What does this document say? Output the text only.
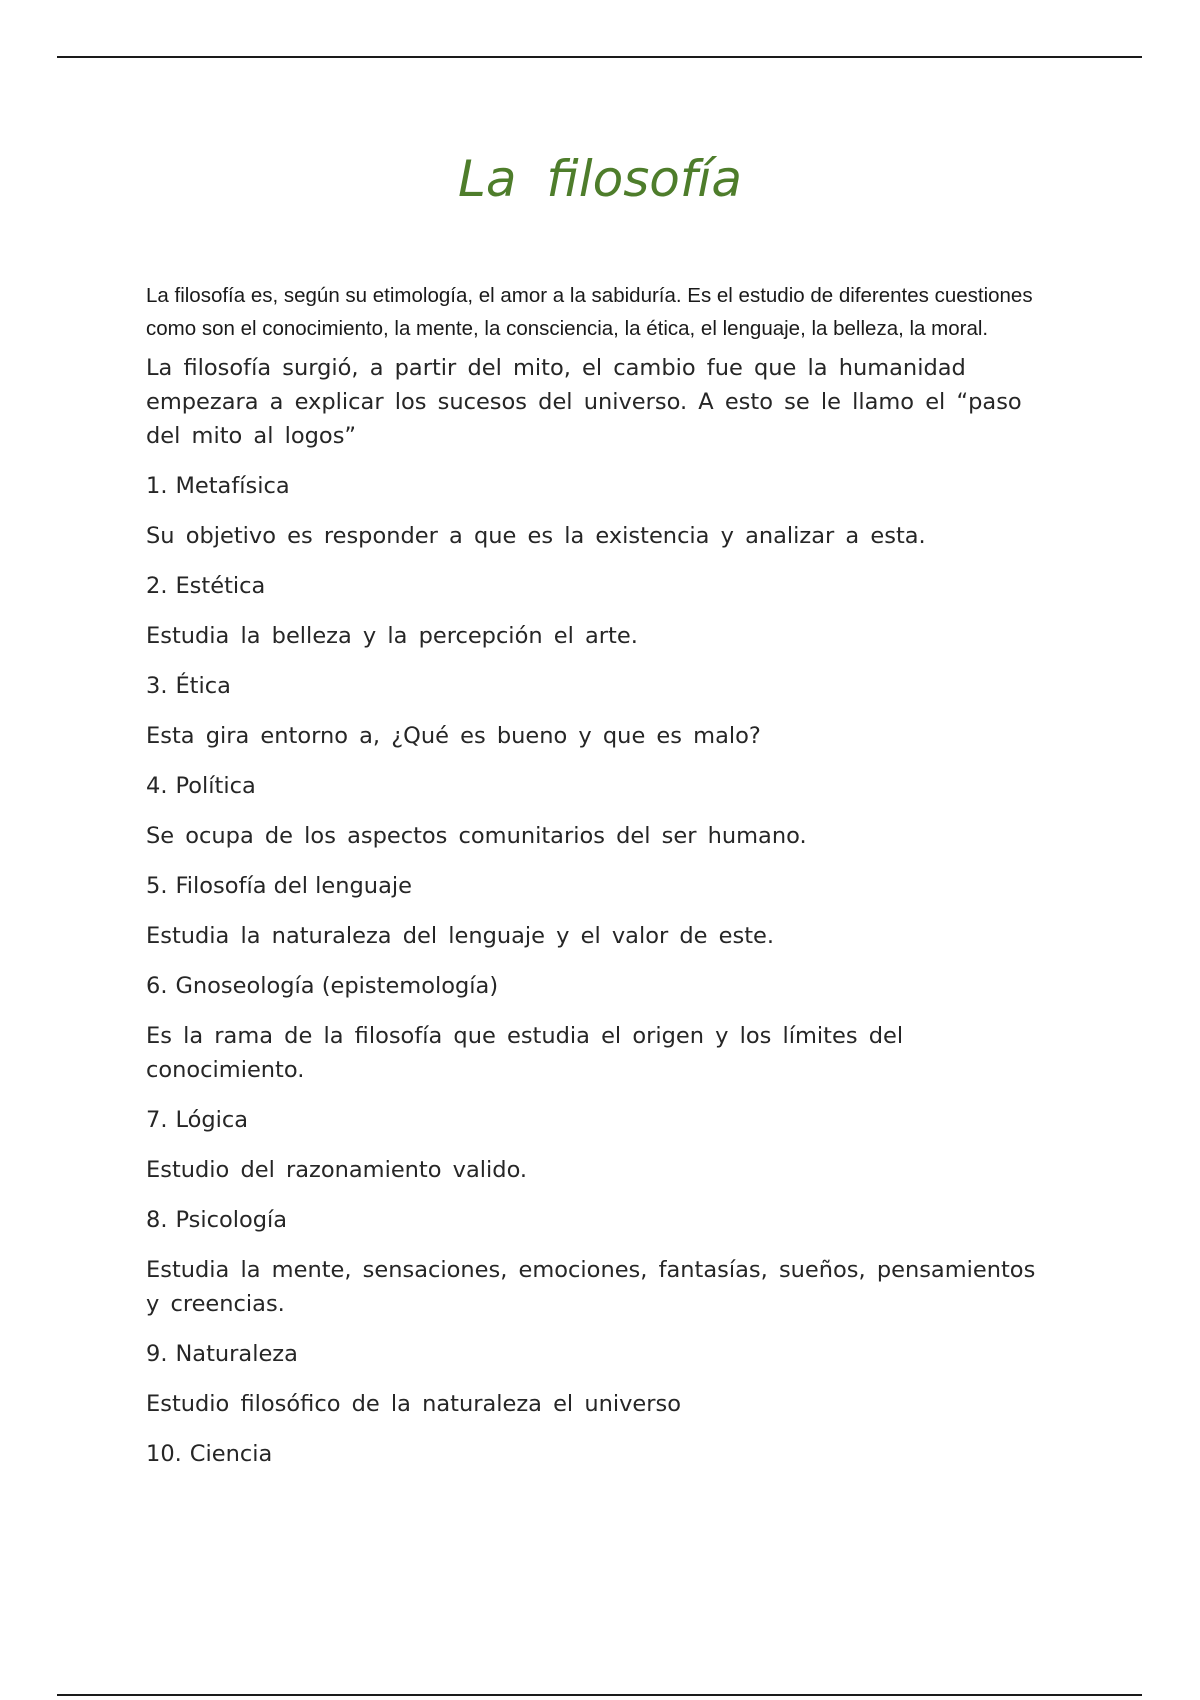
La filosofía

La filosofía es, según su etimología, el amor a la sabiduría. Es el estudio de diferentes cuestiones como son el conocimiento, la mente, la consciencia, la ética, el lenguaje, la belleza, la moral.

La filosofía surgió, a partir del mito, el cambio fue que la humanidad empezara a explicar los sucesos del universo. A esto se le llamo el “paso del mito al logos”

1. Metafísica

Su objetivo es responder a que es la existencia y analizar a esta.

2. Estética

Estudia la belleza y la percepción el arte.

3. Ética

Esta gira entorno a, ¿Qué es bueno y que es malo?

4. Política

Se ocupa de los aspectos comunitarios del ser humano.

5. Filosofía del lenguaje

Estudia la naturaleza del lenguaje y el valor de este.

6. Gnoseología (epistemología)

Es la rama de la filosofía que estudia el origen y los límites del conocimiento.

7. Lógica

Estudio del razonamiento valido.

8. Psicología

Estudia la mente, sensaciones, emociones, fantasías, sueños, pensamientos y creencias.

9. Naturaleza

Estudio filosófico de la naturaleza el universo

10. Ciencia
